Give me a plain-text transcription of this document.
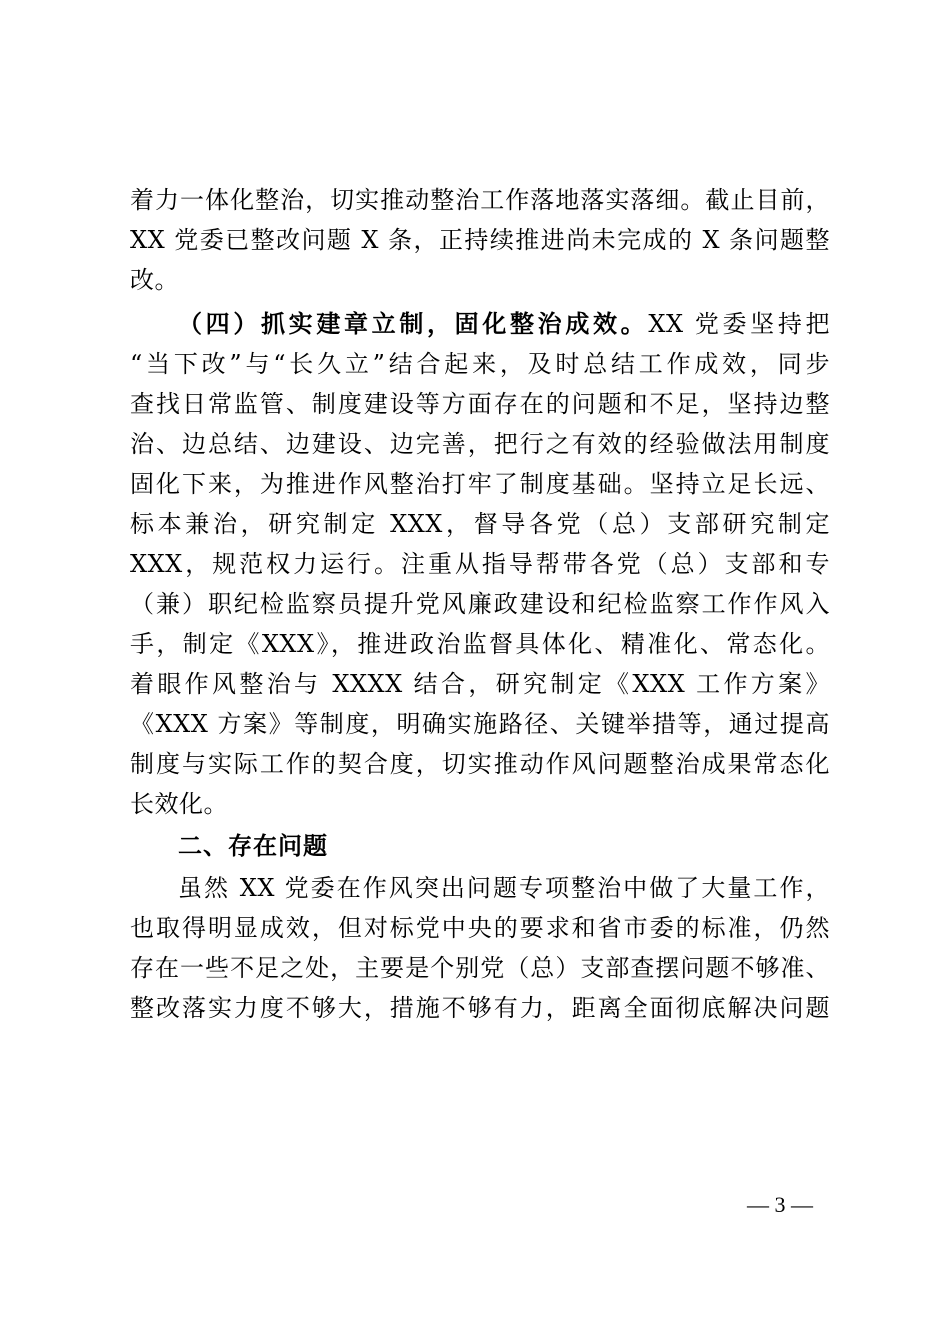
着力一体化整治，切实推动整治工作落地落实落细。截止目前，
XX 党委已整改问题 X 条，正持续推进尚未完成的 X 条问题整
改。
（四）抓实建章立制，固化整治成效。XX 党委坚持把
“当下改”与“长久立”结合起来，及时总结工作成效，同步
查找日常监管、制度建设等方面存在的问题和不足，坚持边整
治、边总结、边建设、边完善，把行之有效的经验做法用制度
固化下来，为推进作风整治打牢了制度基础。坚持立足长远、
标本兼治，研究制定 XXX，督导各党（总）支部研究制定
XXX，规范权力运行。注重从指导帮带各党（总）支部和专
（兼）职纪检监察员提升党风廉政建设和纪检监察工作作风入
手，制定《XXX》，推进政治监督具体化、精准化、常态化。
着眼作风整治与 XXXX 结合，研究制定《XXX 工作方案》
《XXX 方案》等制度，明确实施路径、关键举措等，通过提高
制度与实际工作的契合度，切实推动作风问题整治成果常态化
长效化。
二、存在问题
虽然 XX 党委在作风突出问题专项整治中做了大量工作，
也取得明显成效，但对标党中央的要求和省市委的标准，仍然
存在一些不足之处，主要是个别党（总）支部查摆问题不够准、
整改落实力度不够大，措施不够有力，距离全面彻底解决问题
— 3 —
